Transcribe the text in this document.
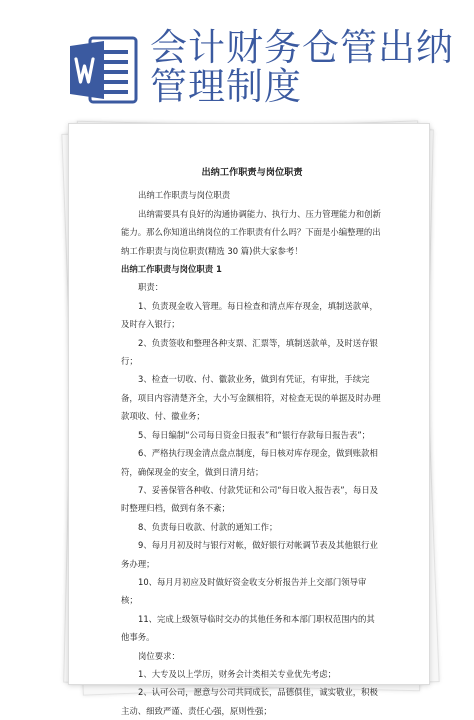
会计财务仓管出纳
管理制度
出纳工作职责与岗位职责

出纳工作职责与岗位职责

出纳需要具有良好的沟通协调能力、执行力、压力管理能力和创新能力。那么你知道出纳岗位的工作职责有什么吗？下面是小编整理的出纳工作职责与岗位职责(精选 30 篇)供大家参考！

出纳工作职责与岗位职责 1

职责：

1、负责现金收入管理。每日检查和清点库存现金，填制送款单，及时存入银行；

2、负责签收和整理各种支票、汇票等，填制送款单，及时送存银行；

3、检查一切收、付、徽款业务，做到有凭证，有审批，手续完备，项目内容清楚齐全，大小写金额相符，对检查无误的单据及时办理款项收、付、徽业务；

5、每日编制“公司每日资金日报表”和“银行存款每日报告表”；

6、严格执行现金清点盘点制度，每日核对库存现金，做到账款相符，确保现金的安全，做到日清月结；

7、妥善保管各种收、付款凭证和公司“每日收入报告表”，每日及时整理归档，做到有条不紊；

8、负责每日收款、付款的通知工作；

9、每月月初及时与银行对帐，做好银行对帐调节表及其他银行业务办理；

10、每月月初应及时做好资金收支分析报告并上交部门领导审核；

11、完成上级领导临时交办的其他任务和本部门职权范围内的其他事务。

岗位要求：

1、大专及以上学历，财务会计类相关专业优先考虑；

2、认可公司，愿意与公司共同成长，品德俱佳，诚实敬业，积极主动、细致严谨、责任心强，原则性强；
